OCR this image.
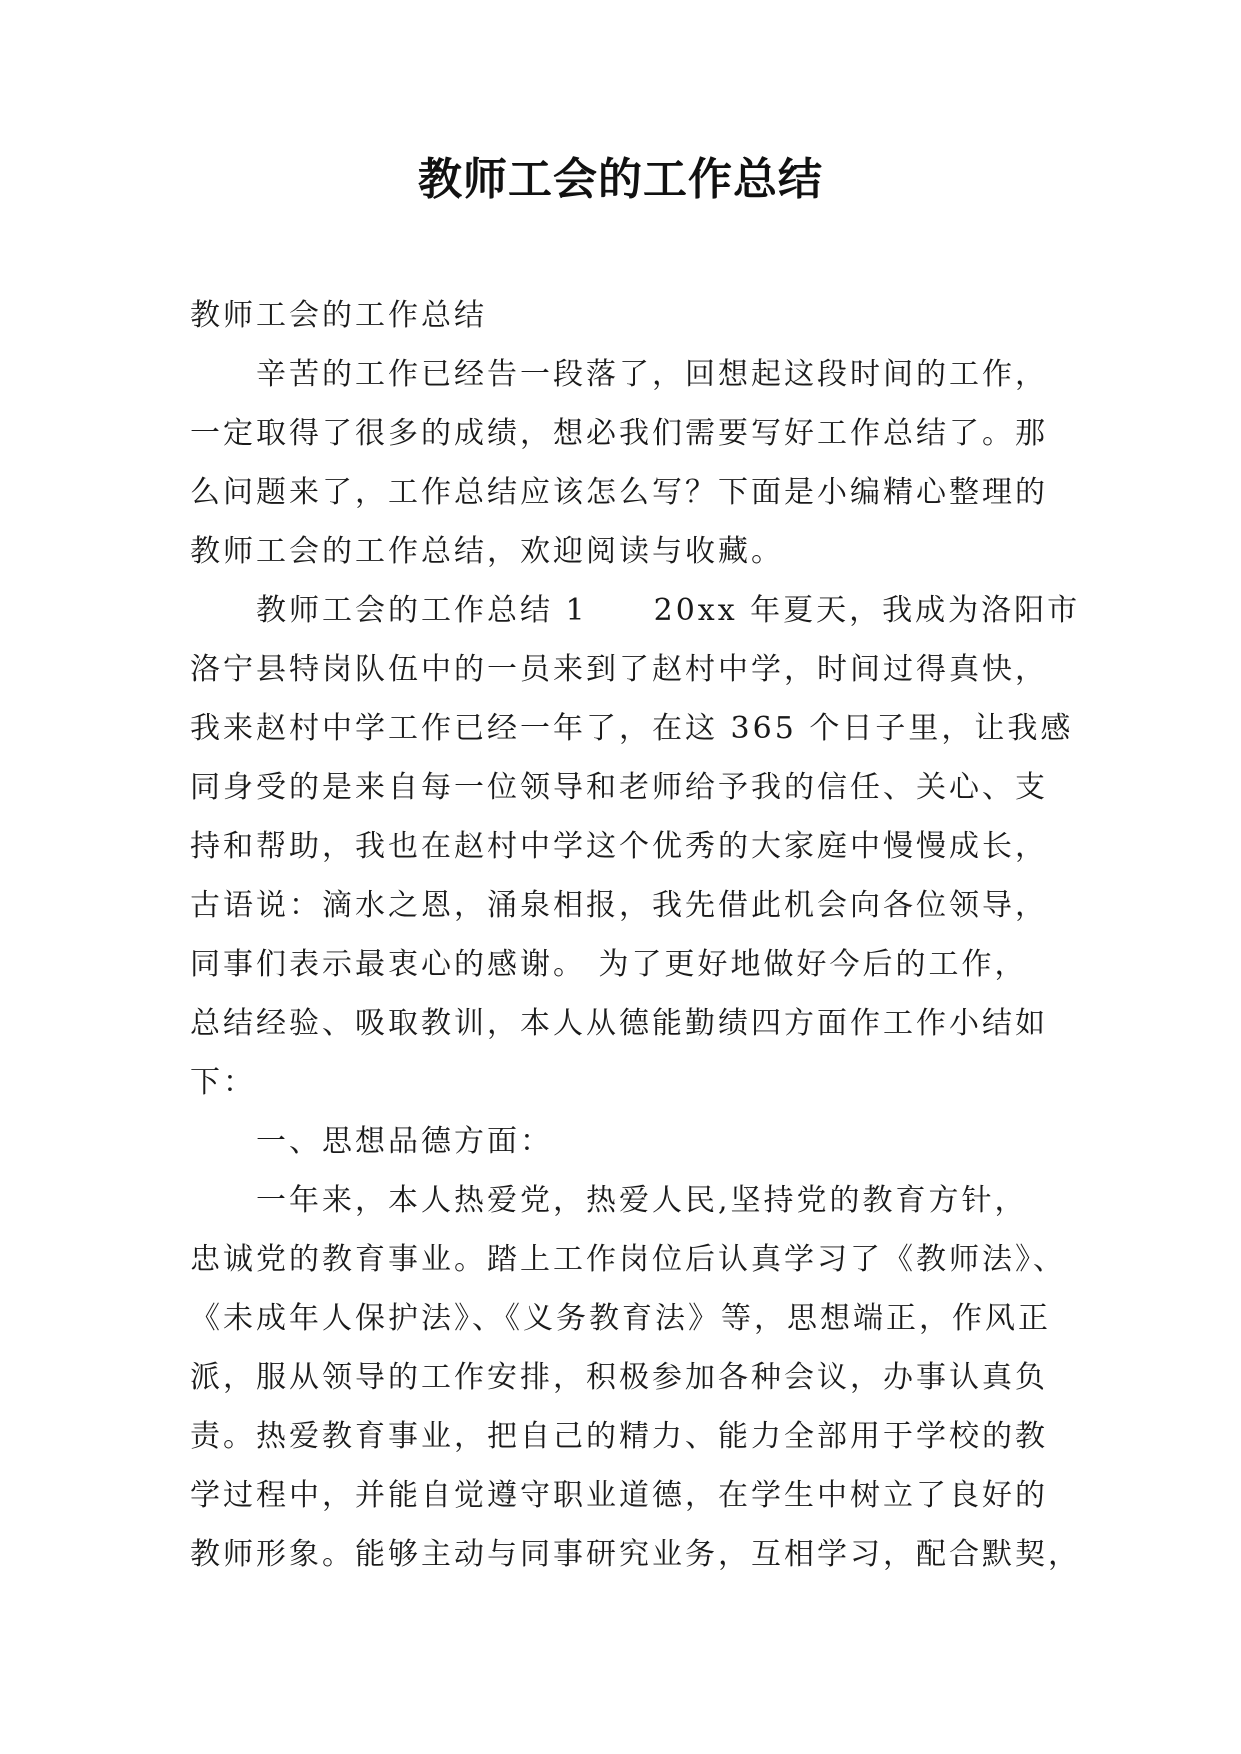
教师工会的工作总结
教师工会的工作总结
辛苦的工作已经告一段落了，回想起这段时间的工作，
一定取得了很多的成绩，想必我们需要写好工作总结了。那
么问题来了，工作总结应该怎么写？下面是小编精心整理的
教师工会的工作总结，欢迎阅读与收藏。
教师工会的工作总结 1　　20xx 年夏天，我成为洛阳市
洛宁县特岗队伍中的一员来到了赵村中学，时间过得真快，
我来赵村中学工作已经一年了，在这 365 个日子里，让我感
同身受的是来自每一位领导和老师给予我的信任、关心、支
持和帮助，我也在赵村中学这个优秀的大家庭中慢慢成长，
古语说：滴水之恩，涌泉相报，我先借此机会向各位领导，
同事们表示最衷心的感谢。 为了更好地做好今后的工作，
总结经验、吸取教训，本人从德能勤绩四方面作工作小结如
下：
一、思想品德方面：
一年来，本人热爱党，热爱人民,坚持党的教育方针，
忠诚党的教育事业。踏上工作岗位后认真学习了《教师法》、
《未成年人保护法》、《义务教育法》等，思想端正，作风正
派，服从领导的工作安排，积极参加各种会议，办事认真负
责。热爱教育事业，把自己的精力、能力全部用于学校的教
学过程中，并能自觉遵守职业道德，在学生中树立了良好的
教师形象。能够主动与同事研究业务，互相学习，配合默契，
